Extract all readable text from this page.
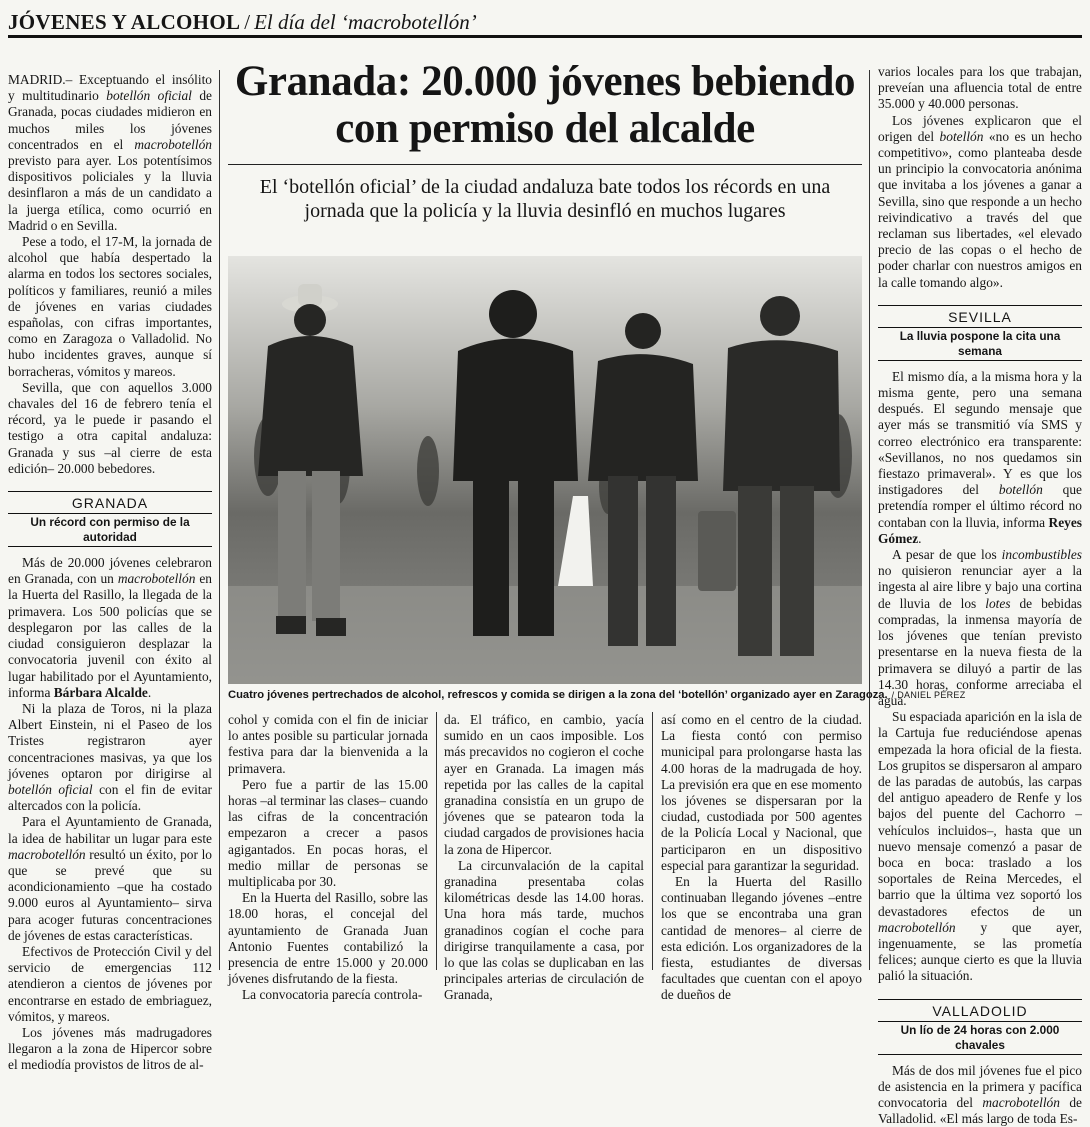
JÓVENES Y ALCOHOL / El día del ‘macrobotellón’

MADRID.– Exceptuando el insólito y multitudinario botellón oficial de Granada, pocas ciudades midieron en muchos miles los jóvenes concentrados en el macrobotellón previsto para ayer. Los potentísimos dispositivos policiales y la lluvia desinflaron a más de un candidato a la juerga etílica, como ocurrió en Madrid o en Sevilla.

Pese a todo, el 17-M, la jornada de alcohol que había despertado la alarma en todos los sectores sociales, políticos y familiares, reunió a miles de jóvenes en varias ciudades españolas, con cifras importantes, como en Zaragoza o Valladolid. No hubo incidentes graves, aunque sí borracheras, vómitos y mareos.

Sevilla, que con aquellos 3.000 chavales del 16 de febrero tenía el récord, ya le puede ir pasando el testigo a otra capital andaluza: Granada y sus –al cierre de esta edición– 20.000 bebedores.

GRANADA
Un récord con permiso de la autoridad

Más de 20.000 jóvenes celebraron en Granada, con un macrobotellón en la Huerta del Rasillo, la llegada de la primavera. Los 500 policías que se desplegaron por las calles de la ciudad consiguieron desplazar la convocatoria juvenil con éxito al lugar habilitado por el Ayuntamiento, informa Bárbara Alcalde.

Ni la plaza de Toros, ni la plaza Albert Einstein, ni el Paseo de los Tristes registraron ayer concentraciones masivas, ya que los jóvenes optaron por dirigirse al botellón oficial con el fin de evitar altercados con la policía.

Para el Ayuntamiento de Granada, la idea de habilitar un lugar para este macrobotellón resultó un éxito, por lo que se prevé que su acondicionamiento –que ha costado 9.000 euros al Ayuntamiento– sirva para acoger futuras concentraciones de jóvenes de estas características.

Efectivos de Protección Civil y del servicio de emergencias 112 atendieron a cientos de jóvenes por encontrarse en estado de embriaguez, vómitos, y mareos.

Los jóvenes más madrugadores llegaron a la zona de Hipercor sobre el mediodía provistos de litros de al-

Granada: 20.000 jóvenes bebiendo con permiso del alcalde
El ‘botellón oficial’ de la ciudad andaluza bate todos los récords en una jornada que la policía y la lluvia desinfló en muchos lugares
Cuatro jóvenes pertrechados de alcohol, refrescos y comida se dirigen a la zona del ‘botellón’ organizado ayer en Zaragoza. / DANIEL PÉREZ

cohol y comida con el fin de iniciar lo antes posible su particular jornada festiva para dar la bienvenida a la primavera.

Pero fue a partir de las 15.00 horas –al terminar las clases– cuando las cifras de la concentración empezaron a crecer a pasos agigantados. En pocas horas, el medio millar de personas se multiplicaba por 30.

En la Huerta del Rasillo, sobre las 18.00 horas, el concejal del ayuntamiento de Granada Juan Antonio Fuentes contabilizó la presencia de entre 15.000 y 20.000 jóvenes disfrutando de la fiesta.

La convocatoria parecía controla-

da. El tráfico, en cambio, yacía sumido en un caos imposible. Los más precavidos no cogieron el coche ayer en Granada. La imagen más repetida por las calles de la capital granadina consistía en un grupo de jóvenes que se patearon toda la ciudad cargados de provisiones hacia la zona de Hipercor.

La circunvalación de la capital granadina presentaba colas kilométricas desde las 14.00 horas. Una hora más tarde, muchos granadinos cogían el coche para dirigirse tranquilamente a casa, por lo que las colas se duplicaban en las principales arterias de circulación de Granada,

así como en el centro de la ciudad. La fiesta contó con permiso municipal para prolongarse hasta las 4.00 horas de la madrugada de hoy. La previsión era que en ese momento los jóvenes se dispersaran por la ciudad, custodiada por 500 agentes de la Policía Local y Nacional, que participaron en un dispositivo especial para garantizar la seguridad.

En la Huerta del Rasillo continuaban llegando jóvenes –entre los que se encontraba una gran cantidad de menores– al cierre de esta edición. Los organizadores de la fiesta, estudiantes de diversas facultades que cuentan con el apoyo de dueños de

varios locales para los que trabajan, preveían una afluencia total de entre 35.000 y 40.000 personas.

Los jóvenes explicaron que el origen del botellón «no es un hecho competitivo», como planteaba desde un principio la convocatoria anónima que invitaba a los jóvenes a ganar a Sevilla, sino que responde a un hecho reivindicativo a través del que reclaman sus libertades, «el elevado precio de las copas o el hecho de poder charlar con nuestros amigos en la calle tomando algo».

SEVILLA
La lluvia pospone la cita una semana

El mismo día, a la misma hora y la misma gente, pero una semana después. El segundo mensaje que ayer más se transmitió vía SMS y correo electrónico era transparente: «Sevillanos, no nos quedamos sin fiestazo primaveral». Y es que los instigadores del botellón que pretendía romper el último récord no contaban con la lluvia, informa Reyes Gómez.

A pesar de que los incombustibles no quisieron renunciar ayer a la ingesta al aire libre y bajo una cortina de lluvia de los lotes de bebidas compradas, la inmensa mayoría de los jóvenes que tenían previsto presentarse en la nueva fiesta de la primavera se diluyó a partir de las 14.30 horas, conforme arreciaba el agua.

Su espaciada aparición en la isla de la Cartuja fue reduciéndose apenas empezada la hora oficial de la fiesta. Los grupitos se dispersaron al amparo de las paradas de autobús, las carpas del antiguo apeadero de Renfe y los bajos del puente del Cachorro –vehículos incluidos–, hasta que un nuevo mensaje comenzó a pasar de boca en boca: traslado a los soportales de Reina Mercedes, el barrio que la última vez soportó los devastadores efectos de un macrobotellón y que ayer, ingenuamente, se las prometía felices; aunque cierto es que la lluvia palió la situación.

VALLADOLID
Un lío de 24 horas con 2.000 chavales

Más de dos mil jóvenes fue el pico de asistencia en la primera y pacífica convocatoria del macrobotellón de Valladolid. «El más largo de toda Es-
